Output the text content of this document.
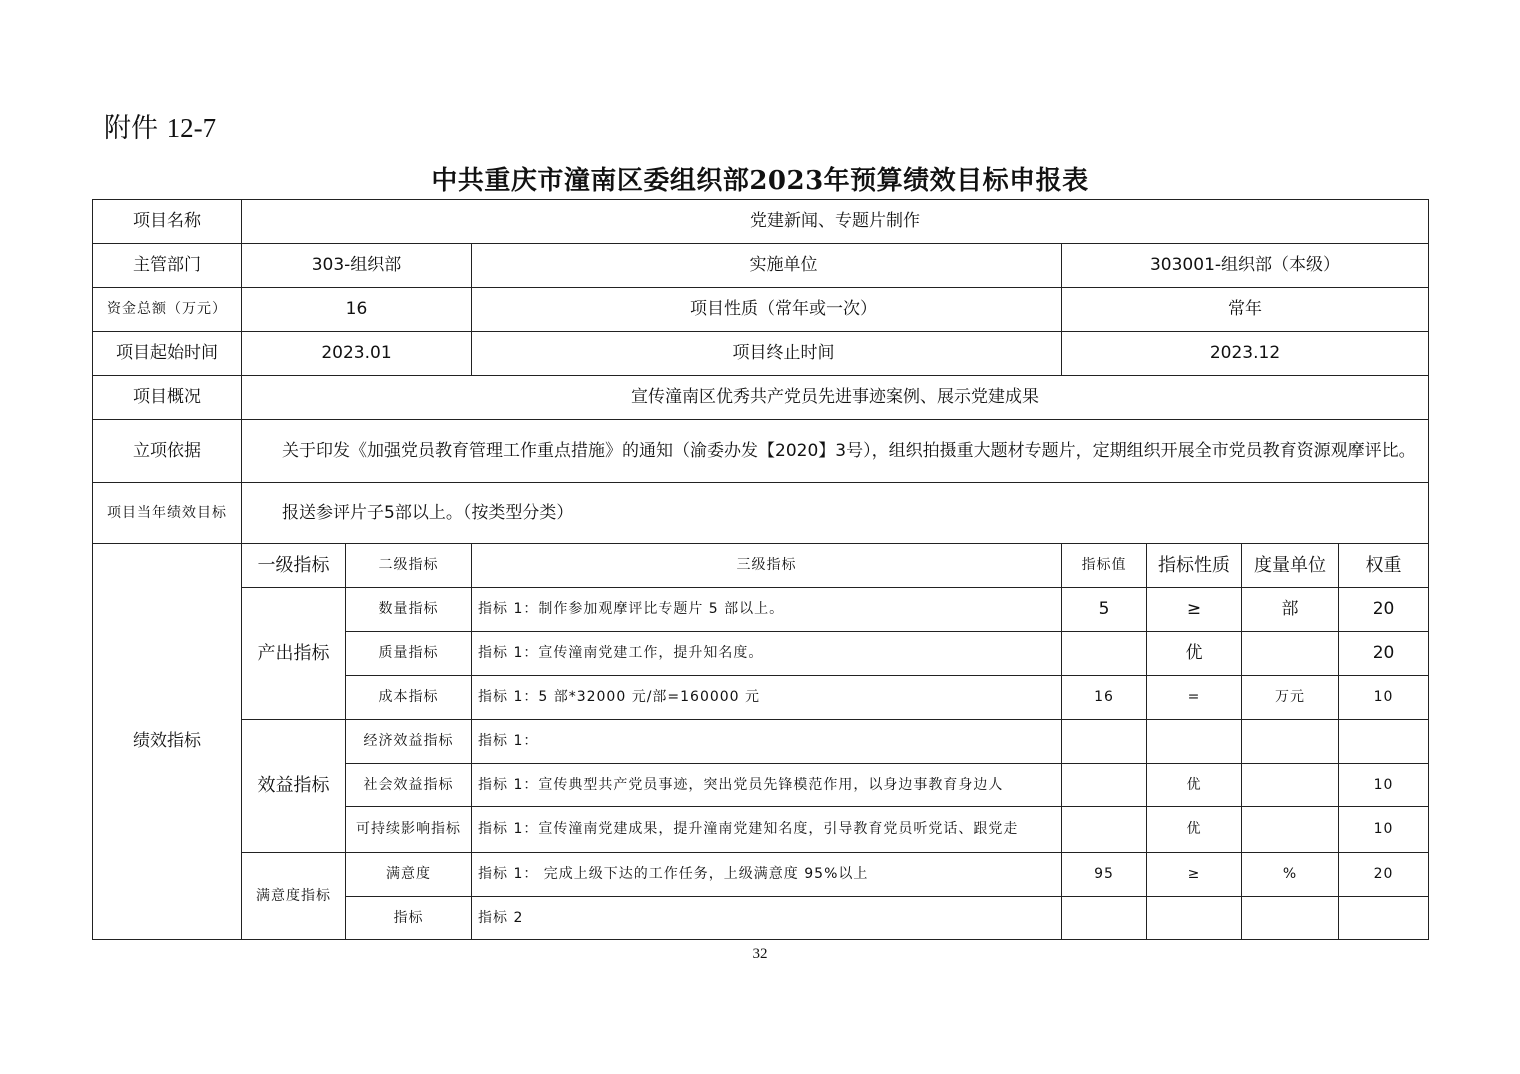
附件 12-7
中共重庆市潼南区委组织部2023年预算绩效目标申报表
项目名称	党建新闻、专题片制作						
主管部门	303-组织部		实施单位	303001-组织部（本级）			
资金总额（万元）	16		项目性质（常年或一次）	常年			
项目起始时间	2023.01		项目终止时间	2023.12			
项目概况	宣传潼南区优秀共产党员先进事迹案例、展示党建成果						
立项依据	关于印发《加强党员教育管理工作重点措施》的通知（渝委办发【2020】3号），组织拍摄重大题材专题片，定期组织开展全市党员教育资源观摩评比。						
项目当年绩效目标	报送参评片子5部以上。（按类型分类）						
绩效指标	一级指标	二级指标	三级指标	指标值	指标性质	度量单位	权重
	产出指标	数量指标	指标 1：制作参加观摩评比专题片 5 部以上。	5	≥	部	20
		质量指标	指标 1：宣传潼南党建工作，提升知名度。		优		20
		成本指标	指标 1：5 部*32000 元/部=160000 元	16	=	万元	10
	效益指标	经济效益指标	指标 1：				
		社会效益指标	指标 1：宣传典型共产党员事迹，突出党员先锋模范作用，以身边事教育身边人		优		10
		可持续影响指标	指标 1：宣传潼南党建成果，提升潼南党建知名度，引导教育党员听党话、跟党走		优		10
	满意度指标	满意度	指标 1： 完成上级下达的工作任务，上级满意度 95%以上	95	≥	%	20
		指标	指标 2				
32
